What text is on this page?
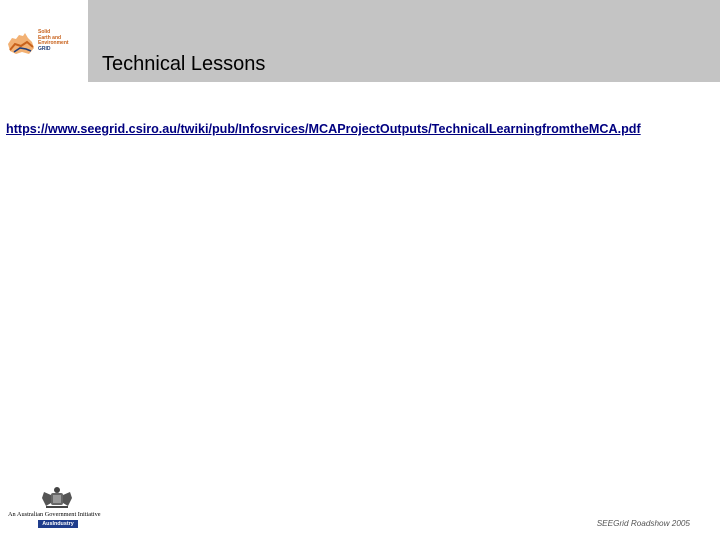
Solid
Earth and
Environment
GRID
Technical Lessons
https://www.seegrid.csiro.au/twiki/pub/Infosrvices/MCAProjectOutputs/TechnicalLearningfromtheMCA.pdf
An Australian Government Initiative
AusIndustry	SEEGrid Roadshow 2005
